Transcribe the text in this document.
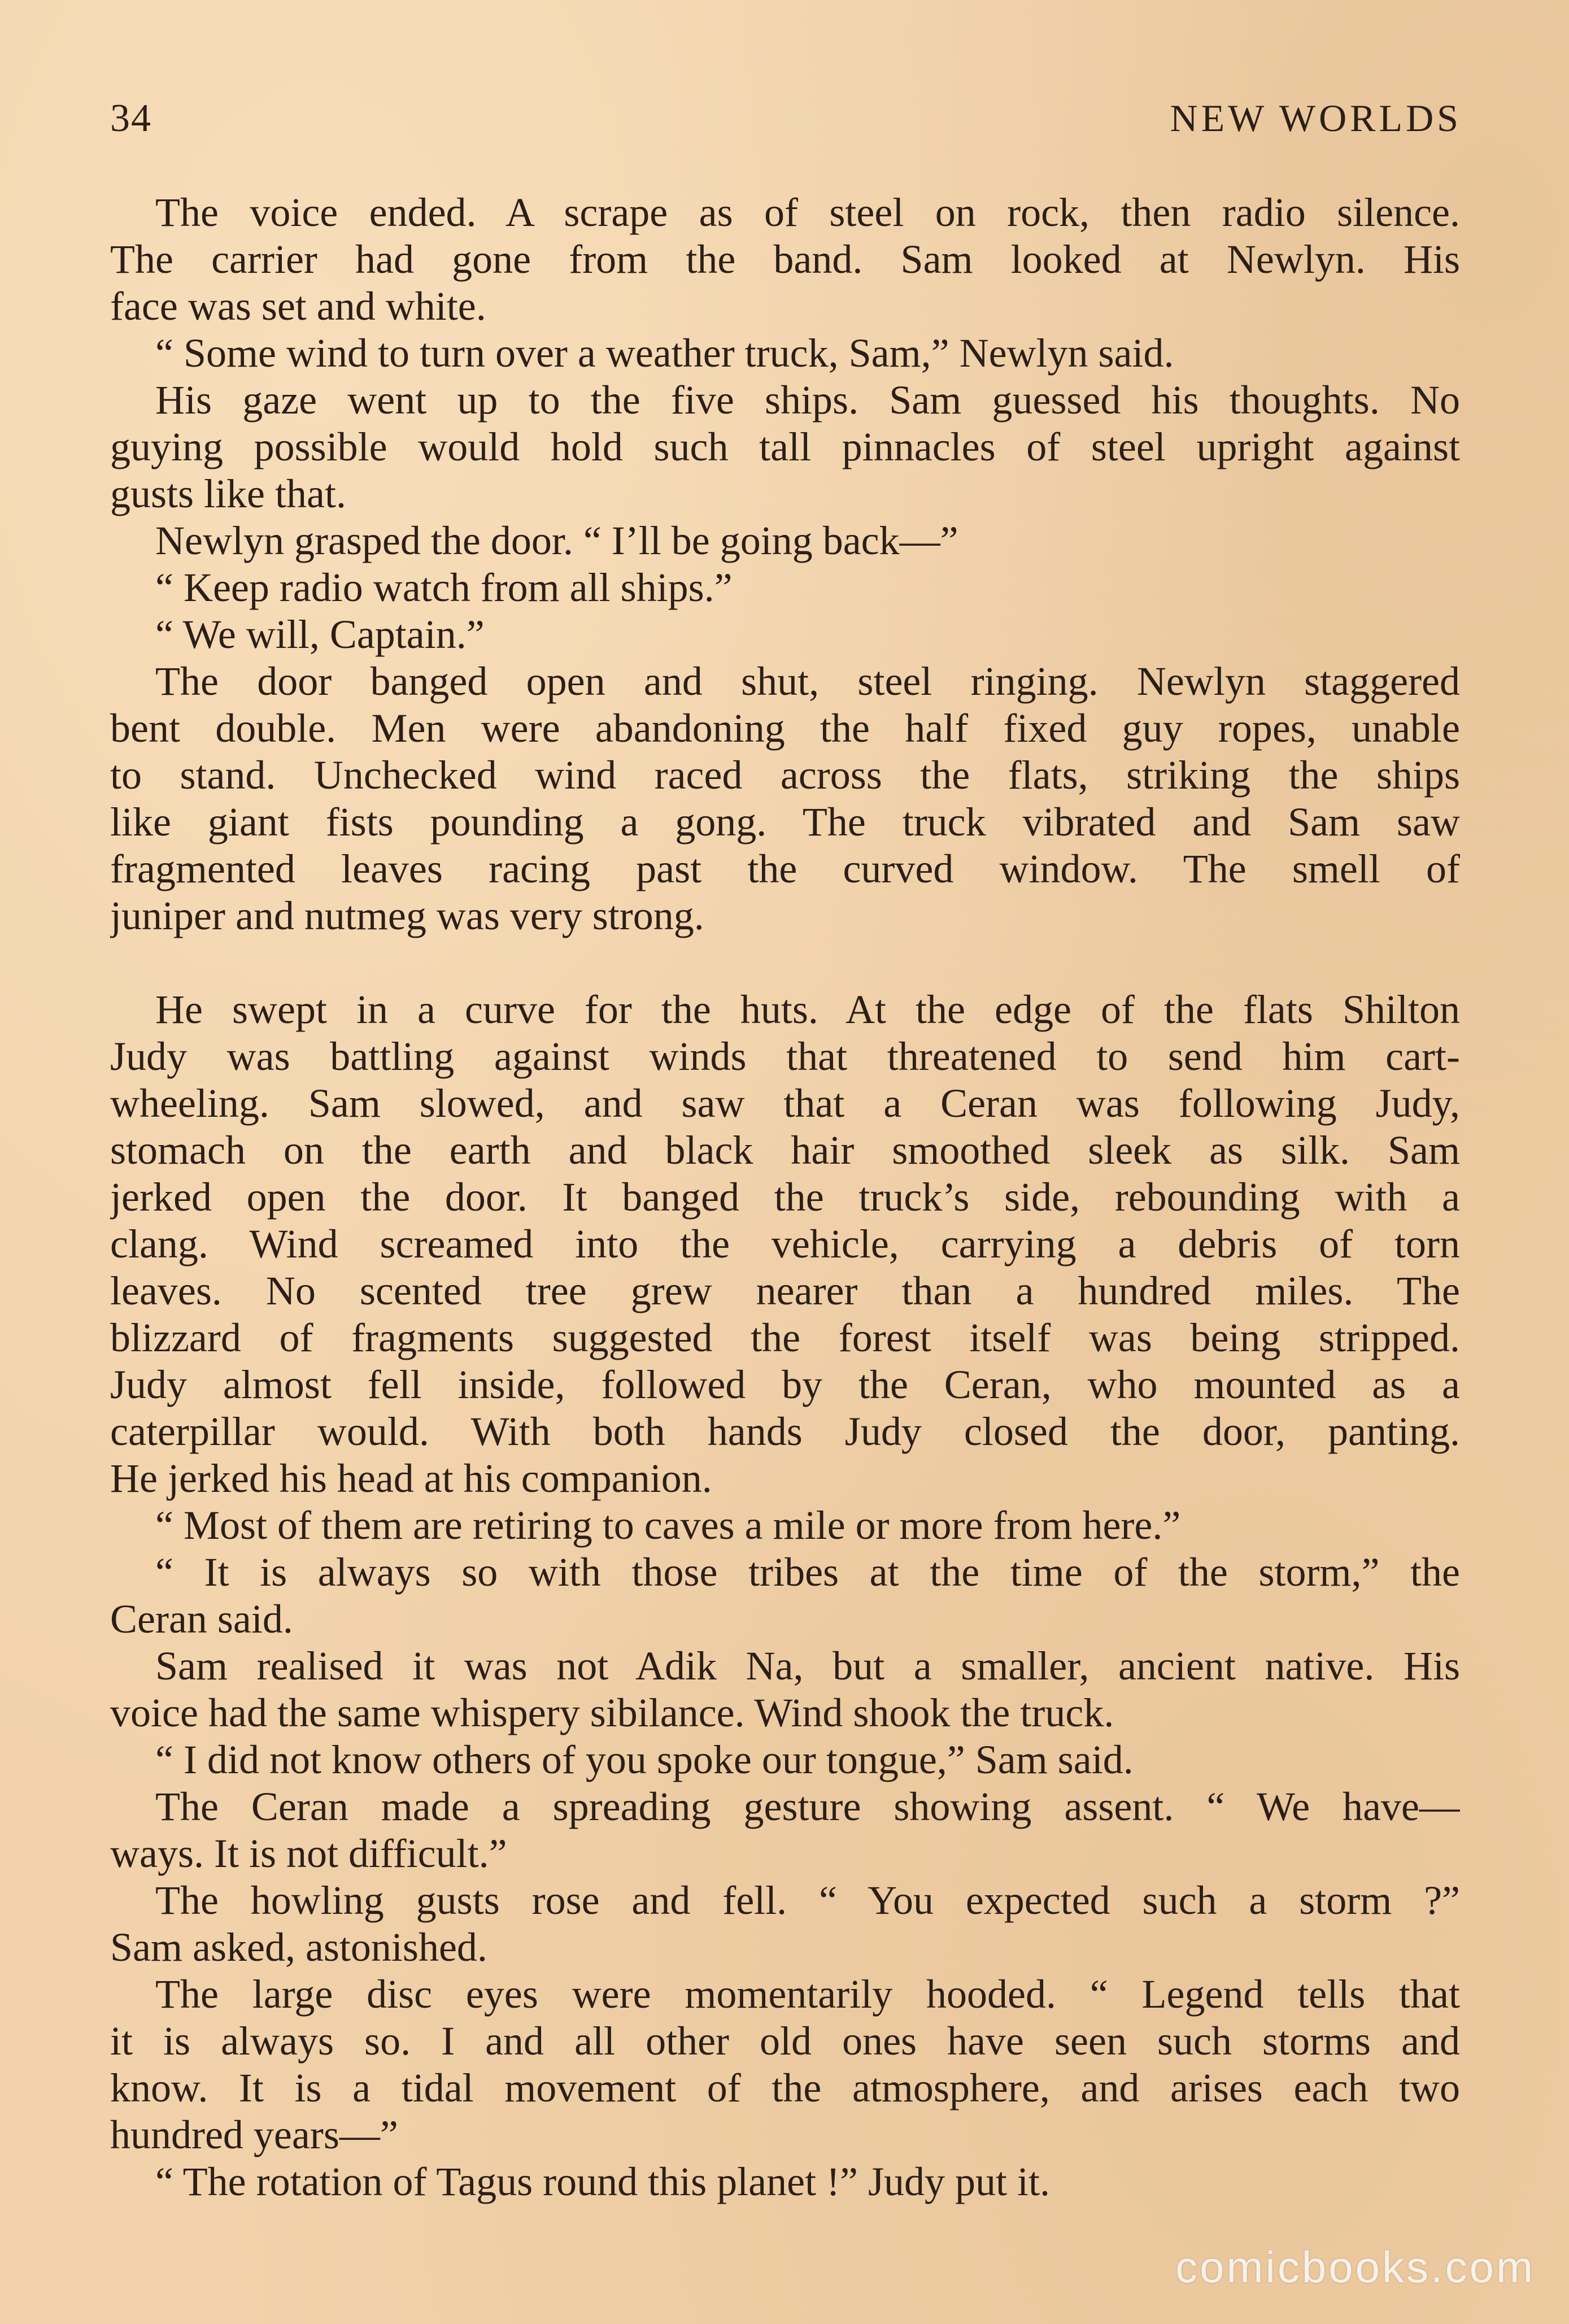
34	NEW WORLDS
The voice ended. A scrape as of steel on rock, then radio silence.
The carrier had gone from the band. Sam looked at Newlyn. His
face was set and white.
“ Some wind to turn over a weather truck, Sam,” Newlyn said.
His gaze went up to the five ships. Sam guessed his thoughts. No
guying possible would hold such tall pinnacles of steel upright against
gusts like that.
Newlyn grasped the door. “ I’ll be going back—”
“ Keep radio watch from all ships.”
“ We will, Captain.”
The door banged open and shut, steel ringing. Newlyn staggered
bent double. Men were abandoning the half fixed guy ropes, unable
to stand. Unchecked wind raced across the flats, striking the ships
like giant fists pounding a gong. The truck vibrated and Sam saw
fragmented leaves racing past the curved window. The smell of
juniper and nutmeg was very strong.
He swept in a curve for the huts. At the edge of the flats Shilton
Judy was battling against winds that threatened to send him cart-
wheeling. Sam slowed, and saw that a Ceran was following Judy,
stomach on the earth and black hair smoothed sleek as silk. Sam
jerked open the door. It banged the truck’s side, rebounding with a
clang. Wind screamed into the vehicle, carrying a debris of torn
leaves. No scented tree grew nearer than a hundred miles. The
blizzard of fragments suggested the forest itself was being stripped.
Judy almost fell inside, followed by the Ceran, who mounted as a
caterpillar would. With both hands Judy closed the door, panting.
He jerked his head at his companion.
“ Most of them are retiring to caves a mile or more from here.”
“ It is always so with those tribes at the time of the storm,” the
Ceran said.
Sam realised it was not Adik Na, but a smaller, ancient native. His
voice had the same whispery sibilance. Wind shook the truck.
“ I did not know others of you spoke our tongue,” Sam said.
The Ceran made a spreading gesture showing assent. “ We have—
ways. It is not difficult.”
The howling gusts rose and fell. “ You expected such a storm ?”
Sam asked, astonished.
The large disc eyes were momentarily hooded. “ Legend tells that
it is always so. I and all other old ones have seen such storms and
know. It is a tidal movement of the atmosphere, and arises each two
hundred years—”
“ The rotation of Tagus round this planet !” Judy put it.
comicbooks.com
